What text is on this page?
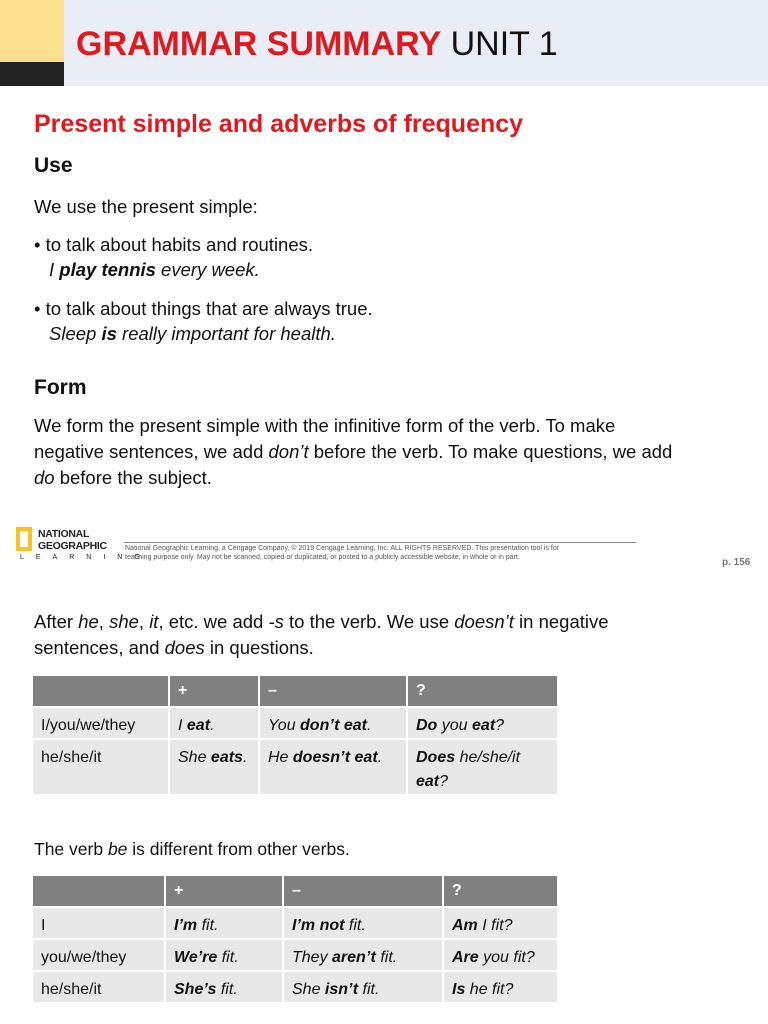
GRAMMAR SUMMARY UNIT 1
Present simple and adverbs of frequency
Use
We use the present simple:
• to talk about habits and routines.
I play tennis every week.
• to talk about things that are always true.
Sleep is really important for health.
Form
We form the present simple with the infinitive form of the verb. To make
negative sentences, we add don’t before the verb. To make questions, we add
do before the subject.
NATIONAL
GEOGRAPHIC
LEARNING
National Geographic Learning, a Cengage Company. © 2019 Cengage Learning, Inc. ALL RIGHTS RESERVED. This presentation tool is for
teaching purpose only. May not be scanned, copied or duplicated, or posted to a publicly accessible website, in whole or in part.	p. 156
After he, she, it, etc. we add -s to the verb. We use doesn’t in negative
sentences, and does in questions.
	+	–	?
I/you/we/they	I eat.	You don’t eat.	Do you eat?
he/she/it	She eats.	He doesn’t eat.	Does he/she/it
eat?
The verb be is different from other verbs.
	+	–	?
I	I’m fit.	I’m not fit.	Am I fit?
you/we/they	We’re fit.	They aren’t fit.	Are you fit?
he/she/it	She’s fit.	She isn’t fit.	Is he fit?
